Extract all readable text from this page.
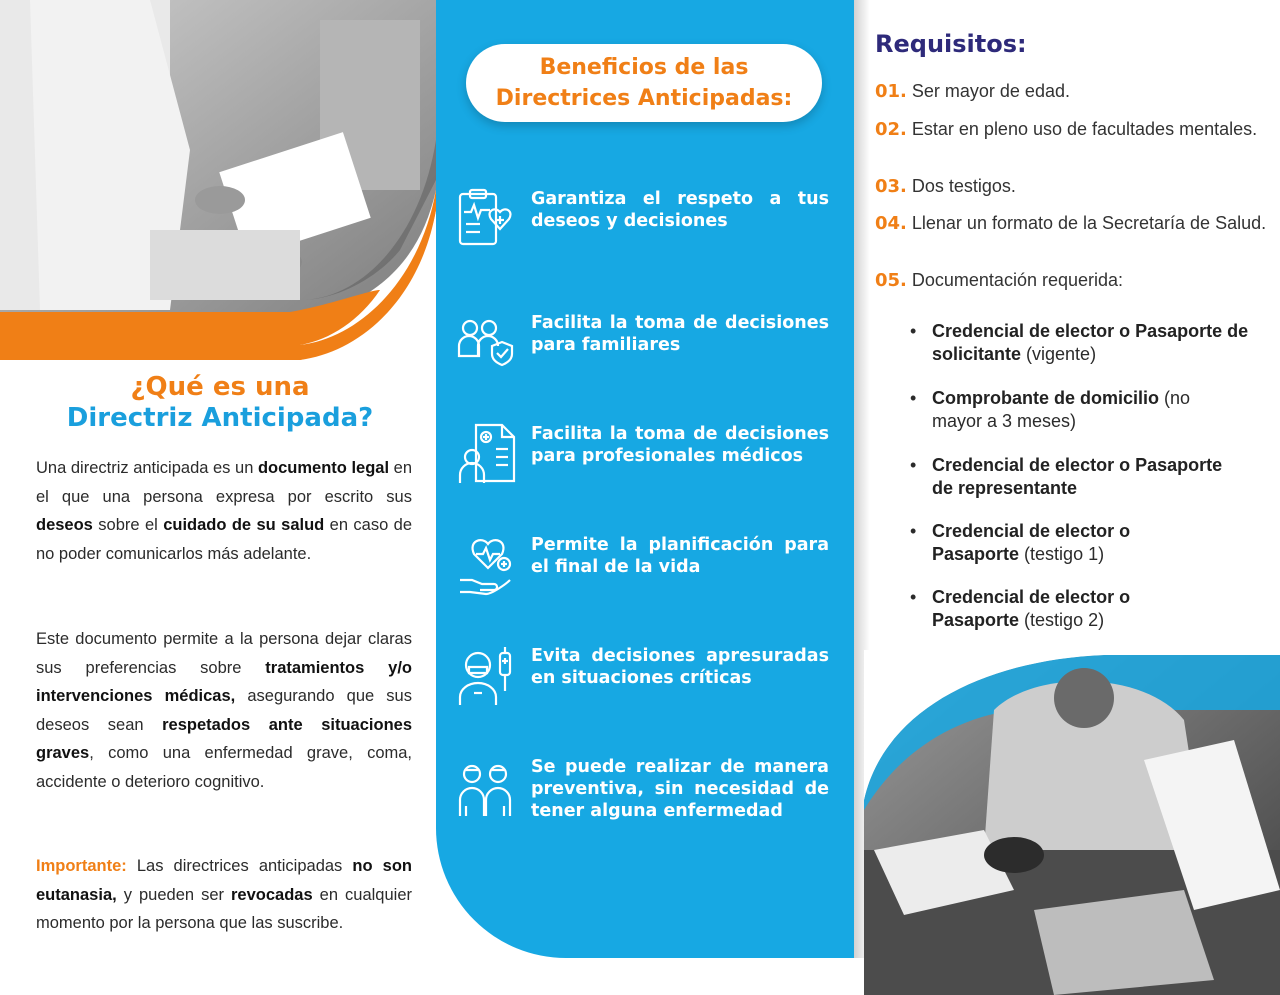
¿Qué es una
Directriz Anticipada?

Una directriz anticipada es un documento legal en el que una persona expresa por escrito sus deseos sobre el cuidado de su salud en caso de no poder comunicarlos más adelante.

Este documento permite a la persona dejar claras sus preferencias sobre tratamientos y/o intervenciones médicas, asegurando que sus deseos sean respetados ante situaciones graves, como una enfermedad grave, coma, accidente o deterioro cognitivo.

Importante: Las directrices anticipadas no son eutanasia, y pueden ser revocadas en cualquier momento por la persona que las suscribe.

Beneficios de las
Directrices Anticipadas:
Garantiza el respeto a tus deseos y decisiones
Facilita la toma de decisiones para familiares
Facilita la toma de decisiones para profesionales médicos
Permite la planificación para el final de la vida
Evita decisiones apresuradas en situaciones críticas
Se puede realizar de manera preventiva, sin necesidad de tener alguna enfermedad
Requisitos:
01. Ser mayor de edad.
02. Estar en pleno uso de facultades mentales.
03. Dos testigos.
04. Llenar un formato de la Secretaría de Salud.
05. Documentación requerida:
• Credencial de elector o Pasaporte de solicitante (vigente)
• Comprobante de domicilio (no mayor a 3 meses)
• Credencial de elector o Pasaporte de representante
• Credencial de elector o Pasaporte (testigo 1)
• Credencial de elector o Pasaporte (testigo 2)
